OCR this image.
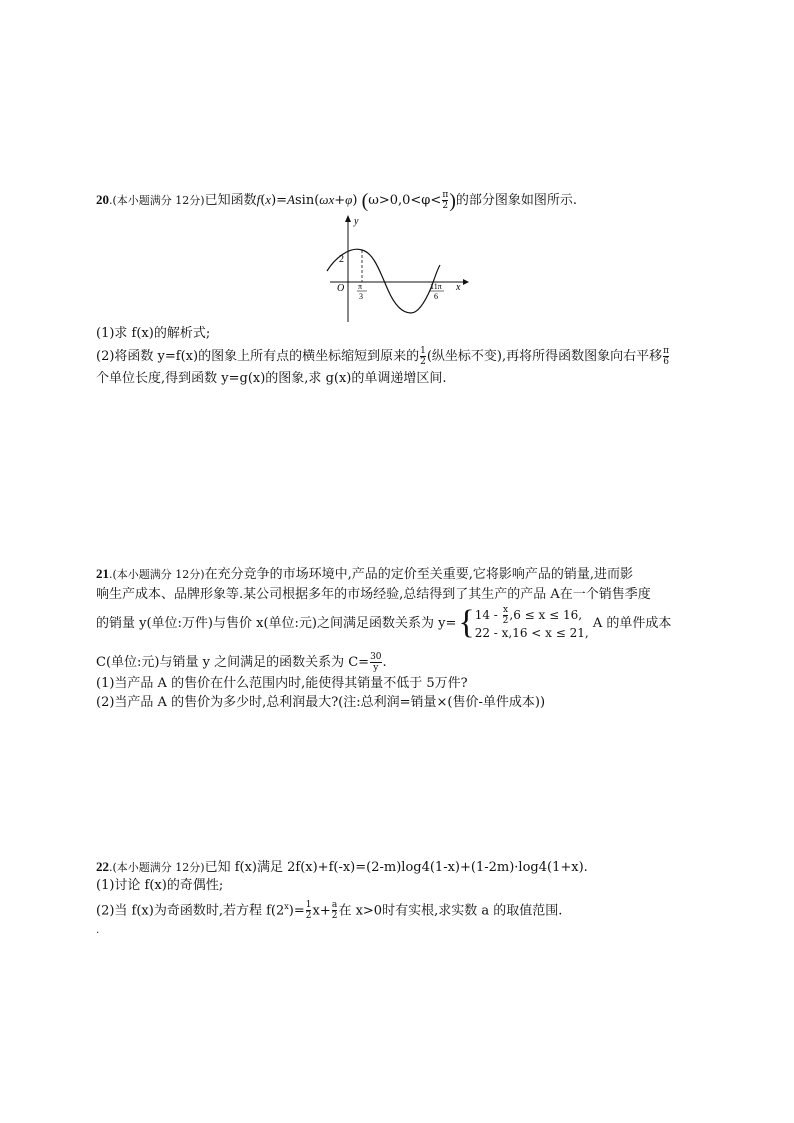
20.(本小题满分 12分)已知函数f(x)=Asin(ωx+φ) ($\omega>0,0<\varphi< \frac{\pi}{2}$ )的部分图象如图所示.
y
x
O
2
π
3
11π
6
(1)求 f(x)的解析式;
(2)将函数 y=f(x)的图象上所有点的横坐标缩短到原来的 $\frac{1}{2}$ (纵坐标不变),再将所得函数图象向右平移 $\frac{\pi}{6}$
个单位长度,得到函数 y=g(x)的图象,求 g(x)的单调递增区间.
21.(本小题满分 12分)在充分竞争的市场环境中,产品的定价至关重要,它将影响产品的销量,进而影
响生产成本、品牌形象等.某公司根据多年的市场经验,总结得到了其生产的产品 A在一个销售季度
的销量 y(单位:万件)与售价 x(单位:元)之间满足函数关系为 y={ $14 - \frac{x}{2} ,6 \le x \le 16$,
22 - x,16 < x ≤ 21,
A 的单件成本
C(单位:元)与销量 y 之间满足的函数关系为 $C= \frac{30}{y}$ .
(1)当产品 A 的售价在什么范围内时,能使得其销量不低于 5万件?
(2)当产品 A 的售价为多少时,总利润最大?(注:总利润=销量×(售价-单件成本))
22.(本小题满分 12分)已知 f(x)满足 2f(x)+f(-x)=(2-m)log4(1-x)+(1-2m)·log4(1+x).
(1)讨论 f(x)的奇偶性;
(2)当 f(x)为奇函数时,若方程 $f(2^x)= \frac{1}{2} x+ \frac{a}{2}$ 在 x>0时有实根,求实数 a 的取值范围.
.
